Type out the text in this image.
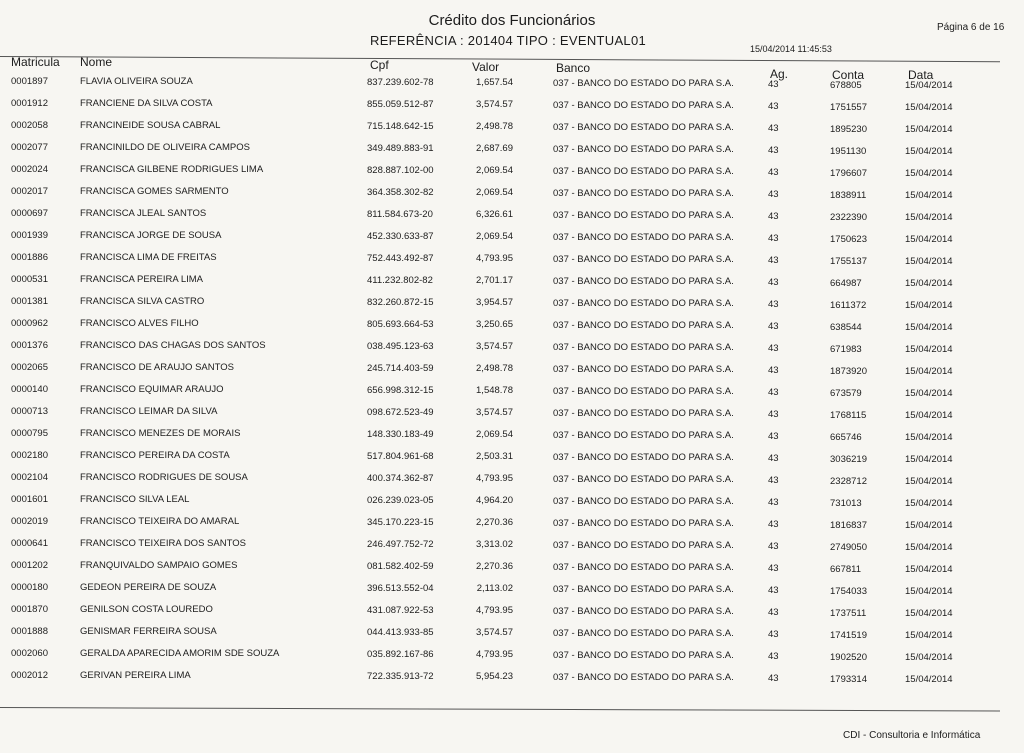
Crédito dos Funcionários
REFERÊNCIA : 201404 TIPO : EVENTUAL01
Página 6 de 16
15/04/2014 11:45:53
Matricula Nome	Cpf	Valor	Banco	Ag.	Conta	Data
0001897	FLAVIA OLIVEIRA SOUZA	837.239.602-78	1,657.54	037 - BANCO DO ESTADO DO PARA S.A.	43	678805	15/04/2014
0001912	FRANCIENE DA SILVA COSTA	855.059.512-87	3,574.57	037 - BANCO DO ESTADO DO PARA S.A.	43	1751557	15/04/2014
0002058	FRANCINEIDE SOUSA CABRAL	715.148.642-15	2,498.78	037 - BANCO DO ESTADO DO PARA S.A.	43	1895230	15/04/2014
0002077	FRANCINILDO DE OLIVEIRA CAMPOS	349.489.883-91	2,687.69	037 - BANCO DO ESTADO DO PARA S.A.	43	1951130	15/04/2014
0002024	FRANCISCA GILBENE RODRIGUES LIMA	828.887.102-00	2,069.54	037 - BANCO DO ESTADO DO PARA S.A.	43	1796607	15/04/2014
0002017	FRANCISCA GOMES SARMENTO	364.358.302-82	2,069.54	037 - BANCO DO ESTADO DO PARA S.A.	43	1838911	15/04/2014
0000697	FRANCISCA JLEAL SANTOS	811.584.673-20	6,326.61	037 - BANCO DO ESTADO DO PARA S.A.	43	2322390	15/04/2014
0001939	FRANCISCA JORGE DE SOUSA	452.330.633-87	2,069.54	037 - BANCO DO ESTADO DO PARA S.A.	43	1750623	15/04/2014
0001886	FRANCISCA LIMA DE FREITAS	752.443.492-87	4,793.95	037 - BANCO DO ESTADO DO PARA S.A.	43	1755137	15/04/2014
0000531	FRANCISCA PEREIRA LIMA	411.232.802-82	2,701.17	037 - BANCO DO ESTADO DO PARA S.A.	43	664987	15/04/2014
0001381	FRANCISCA SILVA CASTRO	832.260.872-15	3,954.57	037 - BANCO DO ESTADO DO PARA S.A.	43	1611372	15/04/2014
0000962	FRANCISCO ALVES FILHO	805.693.664-53	3,250.65	037 - BANCO DO ESTADO DO PARA S.A.	43	638544	15/04/2014
0001376	FRANCISCO DAS CHAGAS DOS SANTOS	038.495.123-63	3,574.57	037 - BANCO DO ESTADO DO PARA S.A.	43	671983	15/04/2014
0002065	FRANCISCO DE ARAUJO SANTOS	245.714.403-59	2,498.78	037 - BANCO DO ESTADO DO PARA S.A.	43	1873920	15/04/2014
0000140	FRANCISCO EQUIMAR ARAUJO	656.998.312-15	1,548.78	037 - BANCO DO ESTADO DO PARA S.A.	43	673579	15/04/2014
0000713	FRANCISCO LEIMAR DA SILVA	098.672.523-49	3,574.57	037 - BANCO DO ESTADO DO PARA S.A.	43	1768115	15/04/2014
0000795	FRANCISCO MENEZES DE MORAIS	148.330.183-49	2,069.54	037 - BANCO DO ESTADO DO PARA S.A.	43	665746	15/04/2014
0002180	FRANCISCO PEREIRA DA COSTA	517.804.961-68	2,503.31	037 - BANCO DO ESTADO DO PARA S.A.	43	3036219	15/04/2014
0002104	FRANCISCO RODRIGUES DE SOUSA	400.374.362-87	4,793.95	037 - BANCO DO ESTADO DO PARA S.A.	43	2328712	15/04/2014
0001601	FRANCISCO SILVA LEAL	026.239.023-05	4,964.20	037 - BANCO DO ESTADO DO PARA S.A.	43	731013	15/04/2014
0002019	FRANCISCO TEIXEIRA DO AMARAL	345.170.223-15	2,270.36	037 - BANCO DO ESTADO DO PARA S.A.	43	1816837	15/04/2014
0000641	FRANCISCO TEIXEIRA DOS SANTOS	246.497.752-72	3,313.02	037 - BANCO DO ESTADO DO PARA S.A.	43	2749050	15/04/2014
0001202	FRANQUIVALDO SAMPAIO GOMES	081.582.402-59	2,270.36	037 - BANCO DO ESTADO DO PARA S.A.	43	667811	15/04/2014
0000180	GEDEON PEREIRA DE SOUZA	396.513.552-04	2,113.02	037 - BANCO DO ESTADO DO PARA S.A.	43	1754033	15/04/2014
0001870	GENILSON COSTA LOUREDO	431.087.922-53	4,793.95	037 - BANCO DO ESTADO DO PARA S.A.	43	1737511	15/04/2014
0001888	GENISMAR FERREIRA SOUSA	044.413.933-85	3,574.57	037 - BANCO DO ESTADO DO PARA S.A.	43	1741519	15/04/2014
0002060	GERALDA APARECIDA AMORIM SDE SOUZA	035.892.167-86	4,793.95	037 - BANCO DO ESTADO DO PARA S.A.	43	1902520	15/04/2014
0002012	GERIVAN PEREIRA LIMA	722.335.913-72	5,954.23	037 - BANCO DO ESTADO DO PARA S.A.	43	1793314	15/04/2014
CDI - Consultoria e Informática
